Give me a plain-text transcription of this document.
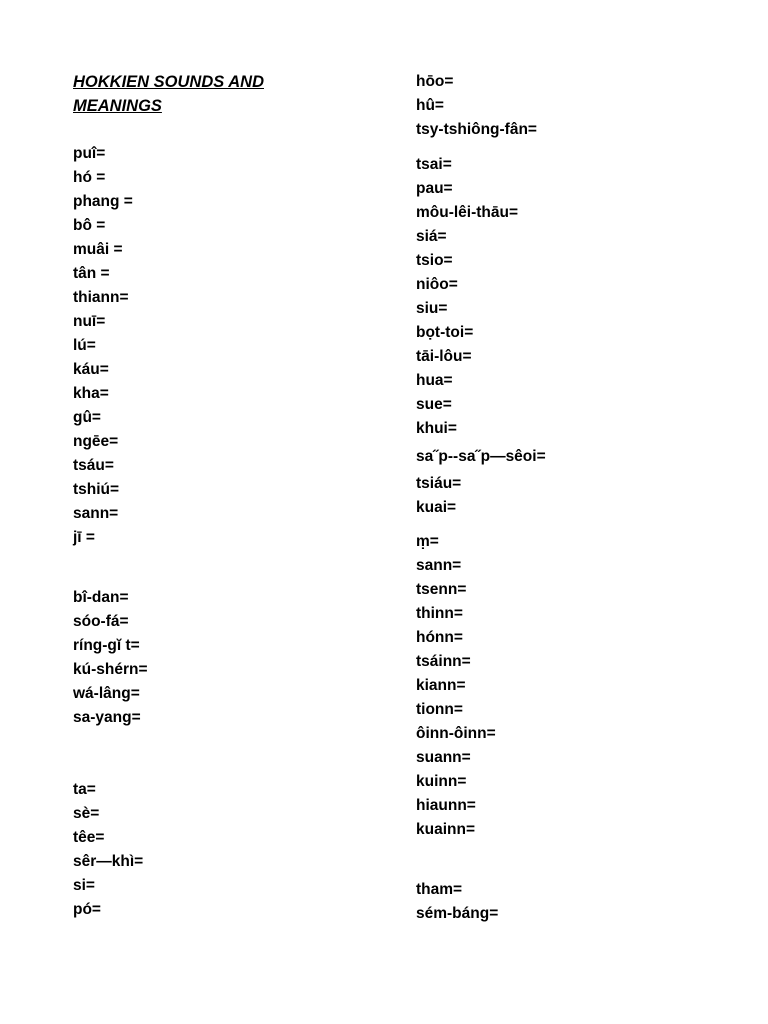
HOKKIEN SOUNDS AND
MEANINGS
puî=
hó =
phang =
bô =
muâi =
tân =
thiann=
nuī=
lú=
káu=
kha=
gû=
ngēe=
tsáu=
tshiú=
sann=
jī =
bî-dan=
sóo-fá=
ríng-gĭ t=
kú-shérn=
wá-lâng=
sa-yang=
ta=
sè=
têe=
sêr—khì=
si=
pó=
hōo=
hû=
tsy-tshiông-fân=
tsai=
pau=
môu-lêi-thāu=
siá=
tsio=
niôo=
siu=
bọt-toi=
tāi-lôu=
hua=
sue=
khui=
sa˝p--sa˝p—sêoi=
tsiáu=
kuai=
ṃ=
sann=
tsenn=
thinn=
hónn=
tsáinn=
kiann=
tionn=
ôinn-ôinn=
suann=
kuinn=
hiaunn=
kuainn=
tham=
sém-báng=
